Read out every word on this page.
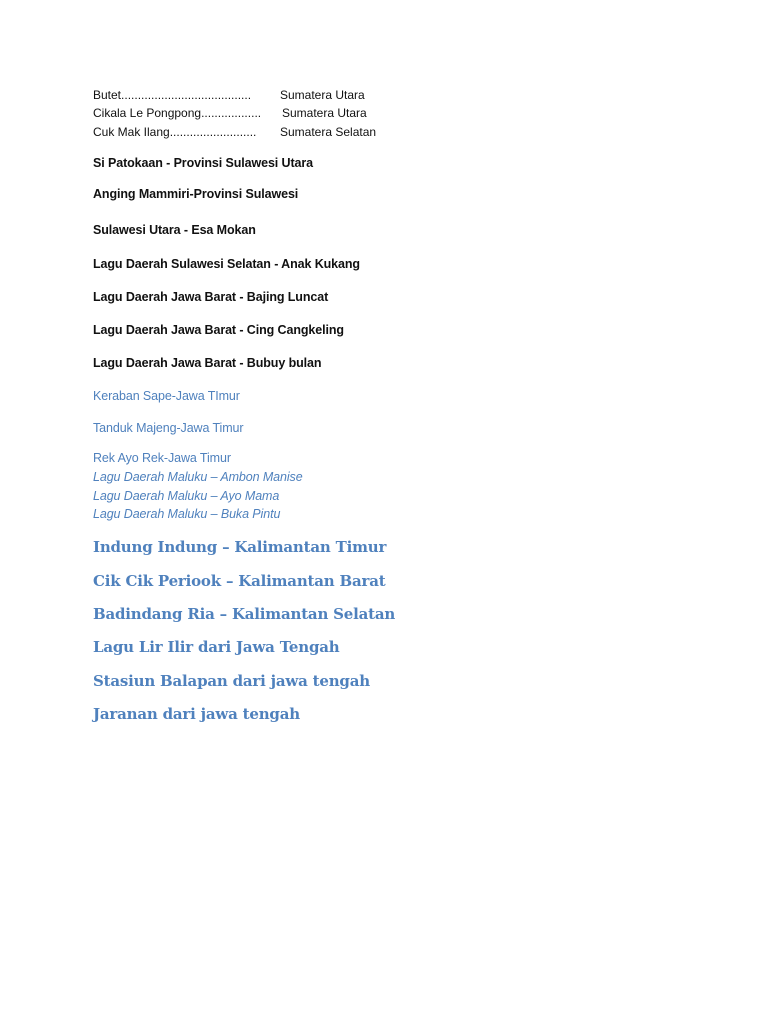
Butet....................................... Sumatera Utara
Cikala Le Pongpong.................. Sumatera Utara
Cuk Mak Ilang.......................... Sumatera Selatan
Si Patokaan - Provinsi Sulawesi Utara
Anging Mammiri-Provinsi Sulawesi
Sulawesi Utara - Esa Mokan
Lagu Daerah Sulawesi Selatan - Anak Kukang
Lagu Daerah Jawa Barat - Bajing Luncat
Lagu Daerah Jawa Barat - Cing Cangkeling
Lagu Daerah Jawa Barat - Bubuy bulan
Keraban Sape-Jawa TImur
Tanduk Majeng-Jawa Timur
Rek Ayo Rek-Jawa Timur
Lagu Daerah Maluku – Ambon Manise
Lagu Daerah Maluku – Ayo Mama
Lagu Daerah Maluku – Buka Pintu
Indung Indung – Kalimantan Timur
Cik Cik Periook – Kalimantan Barat
Badindang Ria – Kalimantan Selatan
Lagu Lir Ilir dari Jawa Tengah
Stasiun Balapan dari jawa tengah
Jaranan dari jawa tengah
